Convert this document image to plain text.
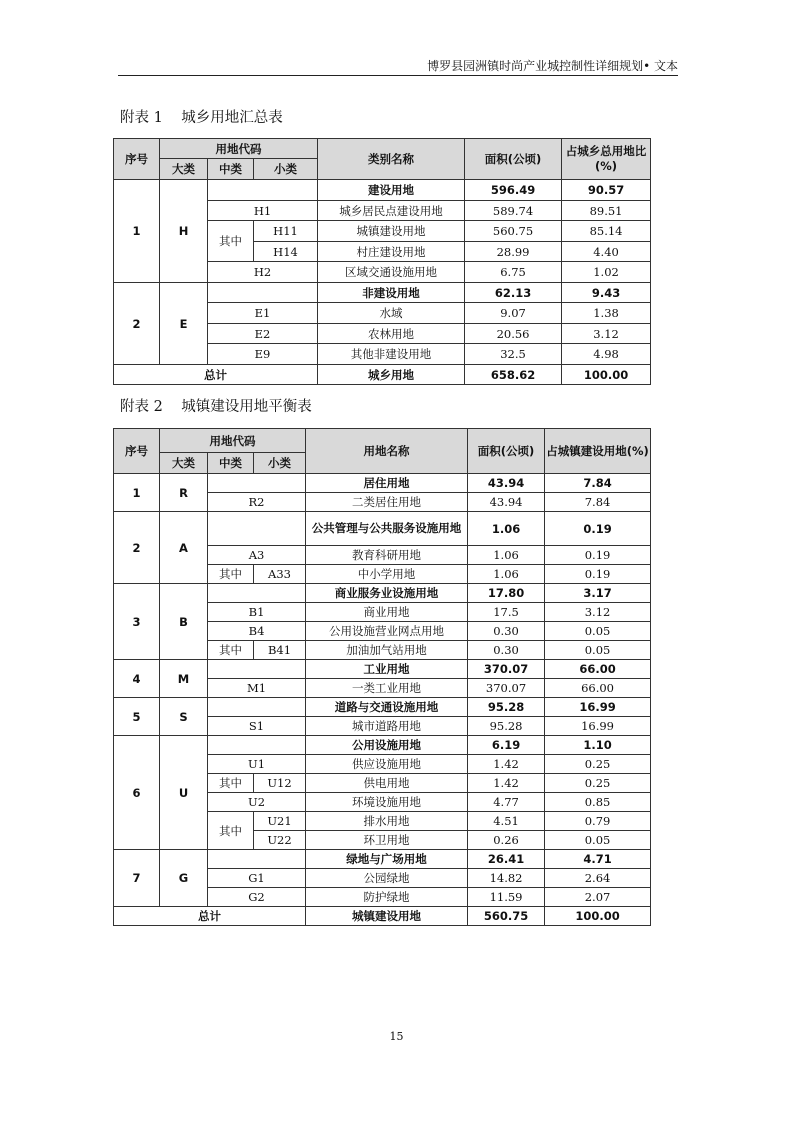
博罗县园洲镇时尚产业城控制性详细规划• 文本
附表 1    城乡用地汇总表
序号	用地代码			类别名称	面积(公顷)	占城乡总用地比(%)
	大类	中类	小类			
1	H			建设用地	596.49	90.57
		H1		城乡居民点建设用地	589.74	89.51
		其中	H11	城镇建设用地	560.75	85.14
			H14	村庄建设用地	28.99	4.40
		H2		区域交通设施用地	6.75	1.02
2	E			非建设用地	62.13	9.43
		E1		水域	9.07	1.38
		E2		农林用地	20.56	3.12
		E9		其他非建设用地	32.5	4.98
总计				城乡用地	658.62	100.00
附表 2    城镇建设用地平衡表
序号	用地代码			用地名称	面积(公顷)	占城镇建设用地(%)
	大类	中类	小类			
1	R			居住用地	43.94	7.84
		R2		二类居住用地	43.94	7.84
2	A			公共管理与公共服务设施用地	1.06	0.19
		A3		教育科研用地	1.06	0.19
		其中	A33	中小学用地	1.06	0.19
3	B			商业服务业设施用地	17.80	3.17
		B1		商业用地	17.5	3.12
		B4		公用设施营业网点用地	0.30	0.05
		其中	B41	加油加气站用地	0.30	0.05
4	M			工业用地	370.07	66.00
		M1		一类工业用地	370.07	66.00
5	S			道路与交通设施用地	95.28	16.99
		S1		城市道路用地	95.28	16.99
6	U			公用设施用地	6.19	1.10
		U1		供应设施用地	1.42	0.25
		其中	U12	供电用地	1.42	0.25
		U2		环境设施用地	4.77	0.85
		其中	U21	排水用地	4.51	0.79
			U22	环卫用地	0.26	0.05
7	G			绿地与广场用地	26.41	4.71
		G1		公园绿地	14.82	2.64
		G2		防护绿地	11.59	2.07
总计				城镇建设用地	560.75	100.00
15
